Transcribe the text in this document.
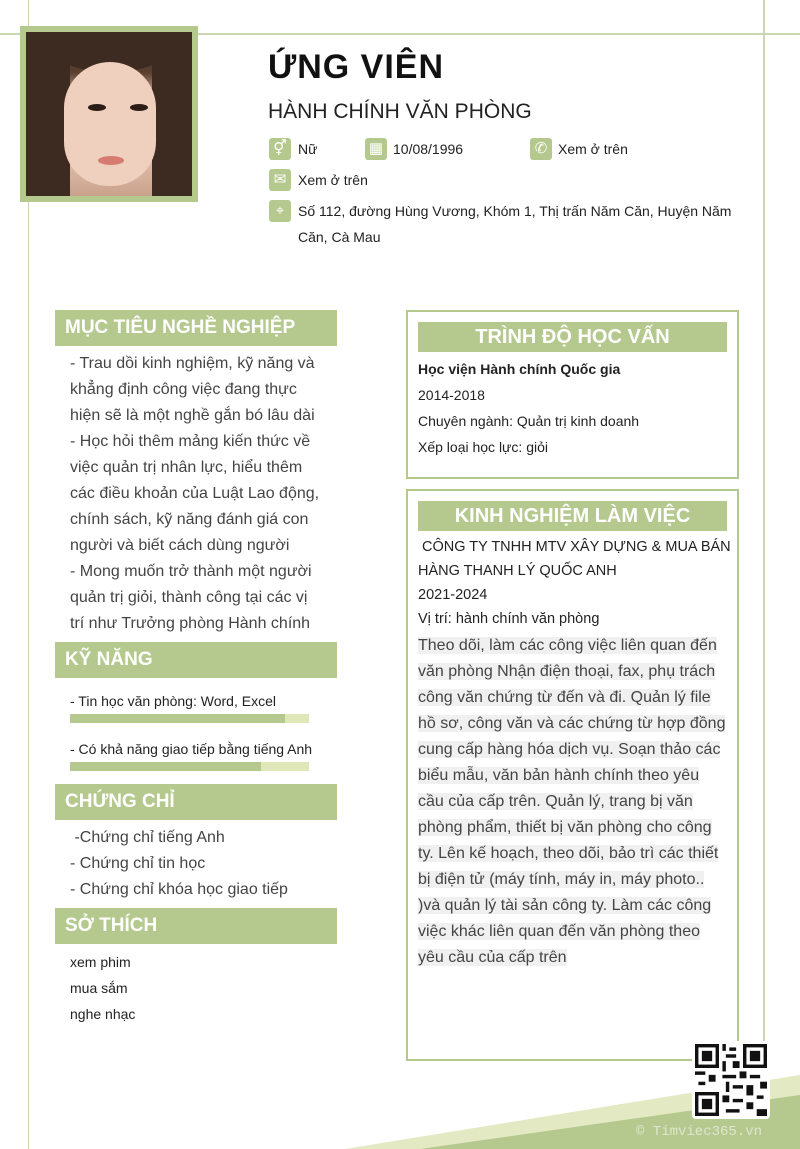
ỨNG VIÊN
HÀNH CHÍNH VĂN PHÒNG
⚥ Nữ	▦ 10/08/1996	✆ Xem ở trên
✉ Xem ở trên
⌖ Số 112, đường Hùng Vương, Khóm 1, Thị trấn Năm Căn, Huyện Năm
Căn, Cà Mau
MỤC TIÊU NGHỀ NGHIỆP
- Trau dồi kinh nghiệm, kỹ năng và
khẳng định công việc đang thực
hiện sẽ là một nghề gắn bó lâu dài
- Học hỏi thêm mảng kiến thức về
việc quản trị nhân lực, hiểu thêm
các điều khoản của Luật Lao động,
chính sách, kỹ năng đánh giá con
người và biết cách dùng người
- Mong muốn trở thành một người
quản trị giỏi, thành công tại các vị
trí như Trưởng phòng Hành chính
KỸ NĂNG
- Tin học văn phòng: Word, Excel
- Có khả năng giao tiếp bằng tiếng Anh
CHỨNG CHỈ
-Chứng chỉ tiếng Anh
- Chứng chỉ tin học
- Chứng chỉ khóa học giao tiếp
SỞ THÍCH
xem phim
mua sắm
nghe nhạc
TRÌNH ĐỘ HỌC VẤN
Học viện Hành chính Quốc gia
2014-2018
Chuyên ngành: Quản trị kinh doanh
Xếp loại học lực: giỏi
KINH NGHIỆM LÀM VIỆC
CÔNG TY TNHH MTV XÂY DỰNG & MUA BÁN
HÀNG THANH LÝ QUỐC ANH
2021-2024
Vị trí: hành chính văn phòng
Theo dõi, làm các công việc liên quan đến
văn phòng Nhận điện thoại, fax, phụ trách
công văn chứng từ đến và đi. Quản lý file
hồ sơ, công văn và các chứng từ hợp đồng
cung cấp hàng hóa dịch vụ. Soạn thảo các
biểu mẫu, văn bản hành chính theo yêu
cầu của cấp trên. Quản lý, trang bị văn
phòng phẩm, thiết bị văn phòng cho công
ty. Lên kế hoạch, theo dõi, bảo trì các thiết
bị điện tử (máy tính, máy in, máy photo..
)và quản lý tài sản công ty. Làm các công
việc khác liên quan đến văn phòng theo
yêu cầu của cấp trên
© Timviec365.vn
